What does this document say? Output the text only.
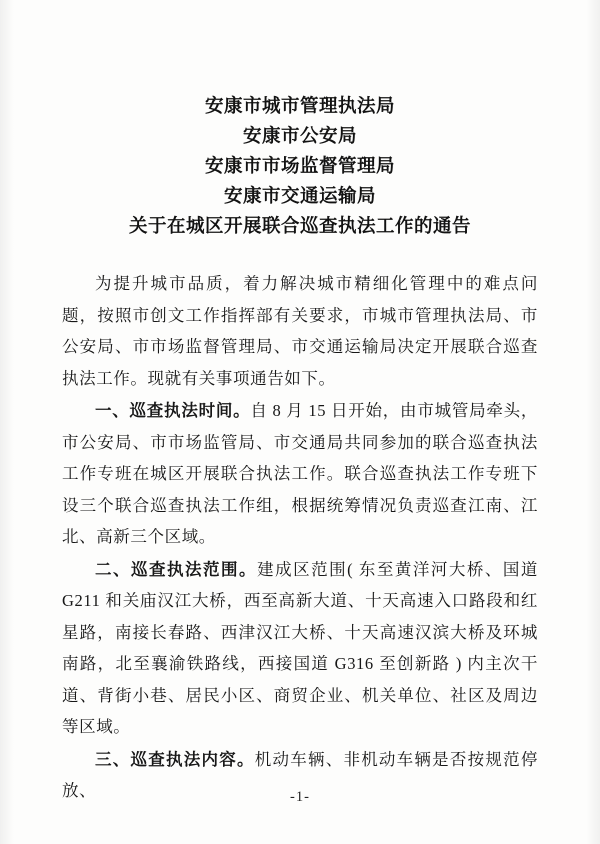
安康市城市管理执法局
安康市公安局
安康市市场监督管理局
安康市交通运输局
关于在城区开展联合巡查执法工作的通告

为提升城市品质，着力解决城市精细化管理中的难点问题，按照市创文工作指挥部有关要求，市城市管理执法局、市公安局、市市场监督管理局、市交通运输局决定开展联合巡查执法工作。现就有关事项通告如下。

一、巡查执法时间。自 8 月 15 日开始，由市城管局牵头，市公安局、市市场监管局、市交通局共同参加的联合巡查执法工作专班在城区开展联合执法工作。联合巡查执法工作专班下设三个联合巡查执法工作组，根据统筹情况负责巡查江南、江北、高新三个区域。

二、巡查执法范围。建成区范围( 东至黄洋河大桥、国道 G211 和关庙汉江大桥，西至高新大道、十天高速入口路段和红星路，南接长春路、西津汉江大桥、十天高速汉滨大桥及环城南路，北至襄渝铁路线，西接国道 G316 至创新路 ) 内主次干道、背街小巷、居民小区、商贸企业、机关单位、社区及周边等区域。

三、巡查执法内容。机动车辆、非机动车辆是否按规范停放、	-1-
